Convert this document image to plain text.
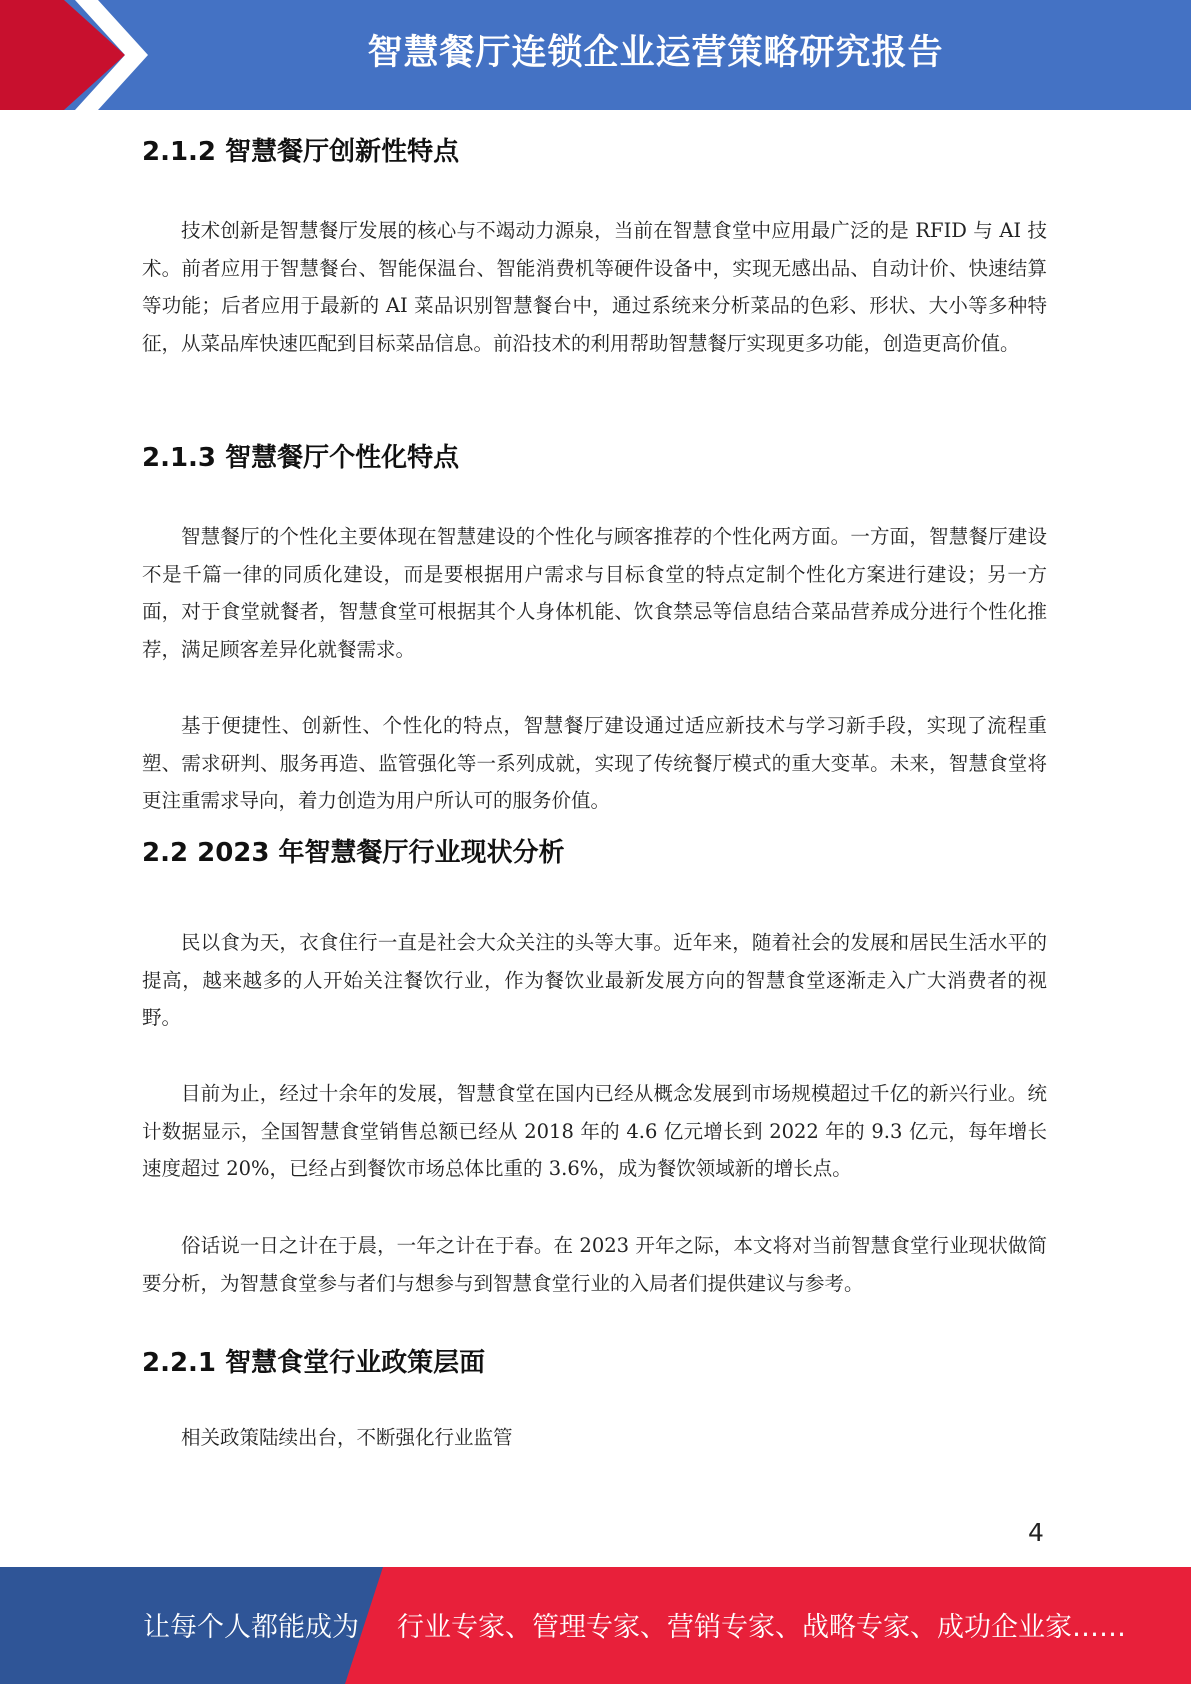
智慧餐厅连锁企业运营策略研究报告
2.1.2 智慧餐厅创新性特点

技术创新是智慧餐厅发展的核心与不竭动力源泉，当前在智慧食堂中应用最广泛的是 RFID 与 AI 技术。前者应用于智慧餐台、智能保温台、智能消费机等硬件设备中，实现无感出品、自动计价、快速结算等功能；后者应用于最新的 AI 菜品识别智慧餐台中，通过系统来分析菜品的色彩、形状、大小等多种特征，从菜品库快速匹配到目标菜品信息。前沿技术的利用帮助智慧餐厅实现更多功能，创造更高价值。

2.1.3 智慧餐厅个性化特点

智慧餐厅的个性化主要体现在智慧建设的个性化与顾客推荐的个性化两方面。一方面，智慧餐厅建设不是千篇一律的同质化建设，而是要根据用户需求与目标食堂的特点定制个性化方案进行建设；另一方面，对于食堂就餐者，智慧食堂可根据其个人身体机能、饮食禁忌等信息结合菜品营养成分进行个性化推荐，满足顾客差异化就餐需求。

基于便捷性、创新性、个性化的特点，智慧餐厅建设通过适应新技术与学习新手段，实现了流程重塑、需求研判、服务再造、监管强化等一系列成就，实现了传统餐厅模式的重大变革。未来，智慧食堂将更注重需求导向，着力创造为用户所认可的服务价值。

2.2 2023 年智慧餐厅行业现状分析

民以食为天，衣食住行一直是社会大众关注的头等大事。近年来，随着社会的发展和居民生活水平的提高，越来越多的人开始关注餐饮行业，作为餐饮业最新发展方向的智慧食堂逐渐走入广大消费者的视野。

目前为止，经过十余年的发展，智慧食堂在国内已经从概念发展到市场规模超过千亿的新兴行业。统计数据显示，全国智慧食堂销售总额已经从 2018 年的 4.6 亿元增长到 2022 年的 9.3 亿元，每年增长速度超过 20%，已经占到餐饮市场总体比重的 3.6%，成为餐饮领域新的增长点。

俗话说一日之计在于晨，一年之计在于春。在 2023 开年之际，本文将对当前智慧食堂行业现状做简要分析，为智慧食堂参与者们与想参与到智慧食堂行业的入局者们提供建议与参考。

2.2.1 智慧食堂行业政策层面

相关政策陆续出台，不断强化行业监管

4
让每个人都能成为 行业专家、管理专家、营销专家、战略专家、成功企业家……
